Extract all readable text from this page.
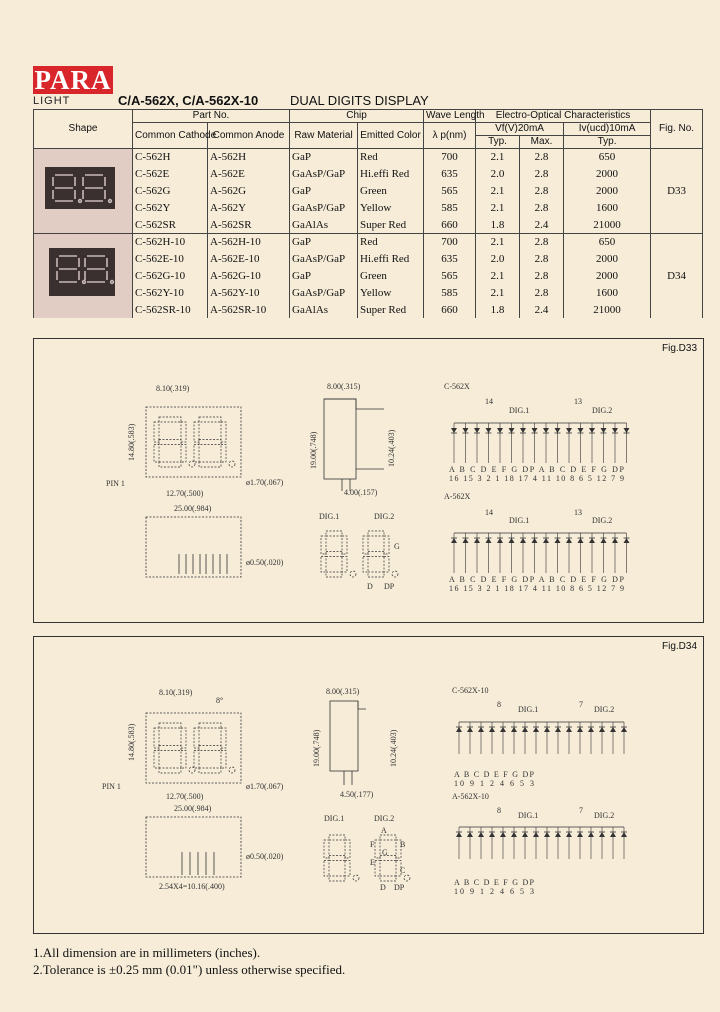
PARA
LIGHT	C/A-562X, C/A-562X-10 DUAL DIGITS DISPLAY
Shape	Part No.		Chip		Wave Length	Electro-Optical Characteristics			Fig. No.
	Common Cathode	Common Anode	Raw Material	Emitted Color	λ p(nm)	Vf(V)20mA		Iv(ucd)10mA	
						Typ.	Max.	Typ.	
	C-562H	A-562H	GaP	Red	700	2.1	2.8	650	D33
	C-562E	A-562E	GaAsP/GaP	Hi.effi Red	635	2.0	2.8	2000	
	C-562G	A-562G	GaP	Green	565	2.1	2.8	2000	
	C-562Y	A-562Y	GaAsP/GaP	Yellow	585	2.1	2.8	1600	
	C-562SR	A-562SR	GaAlAs	Super Red	660	1.8	2.4	21000	
	C-562H-10	A-562H-10	GaP	Red	700	2.1	2.8	650	D34
	C-562E-10	A-562E-10	GaAsP/GaP	Hi.effi Red	635	2.0	2.8	2000	
	C-562G-10	A-562G-10	GaP	Green	565	2.1	2.8	2000	
	C-562Y-10	A-562Y-10	GaAsP/GaP	Yellow	585	2.1	2.8	1600	
	C-562SR-10	A-562SR-10	GaAlAs	Super Red	660	1.8	2.4	21000	
Fig.D33
8.10(.319)
14.80(.583)
12.70(.500)
ø1.70(.067)
PIN 1
8.00(.315)
19.00(.748)	10.24(.403)
4.00(.157)
25.00(.984)
ø0.50(.020)
DIG.1	DIG.2
G
D DP
C-562X
14
DIG.1
13
DIG.2
A B C D E F G DP A B C D E F G DP
16 15 3 2 1 18 17 4 11 10 8 6 5 12 7 9
A-562X
14
DIG.1
13
DIG.2
A B C D E F G DP A B C D E F G DP
16 15 3 2 1 18 17 4 11 10 8 6 5 12 7 9
Fig.D34
8.10(.319)
8°
14.80(.583)
12.70(.500)
ø1.70(.067)
PIN 1
8.00(.315)
19.00(.748)	10.24(.403)
4.50(.177)
25.00(.984)
ø0.50(.020)
2.54X4=10.16(.400)
DIG.1	DIG.2
A
B
C
E
F
G
D DP
C-562X-10
8
DIG.1
7
DIG.2
A B C D E F G DP
10 9 1 2 4 6 5 3
A-562X-10
8
DIG.1
7
DIG.2
A B C D E F G DP
10 9 1 2 4 6 5 3
1.All dimension are in millimeters (inches).
2.Tolerance is ±0.25 mm (0.01") unless otherwise specified.
